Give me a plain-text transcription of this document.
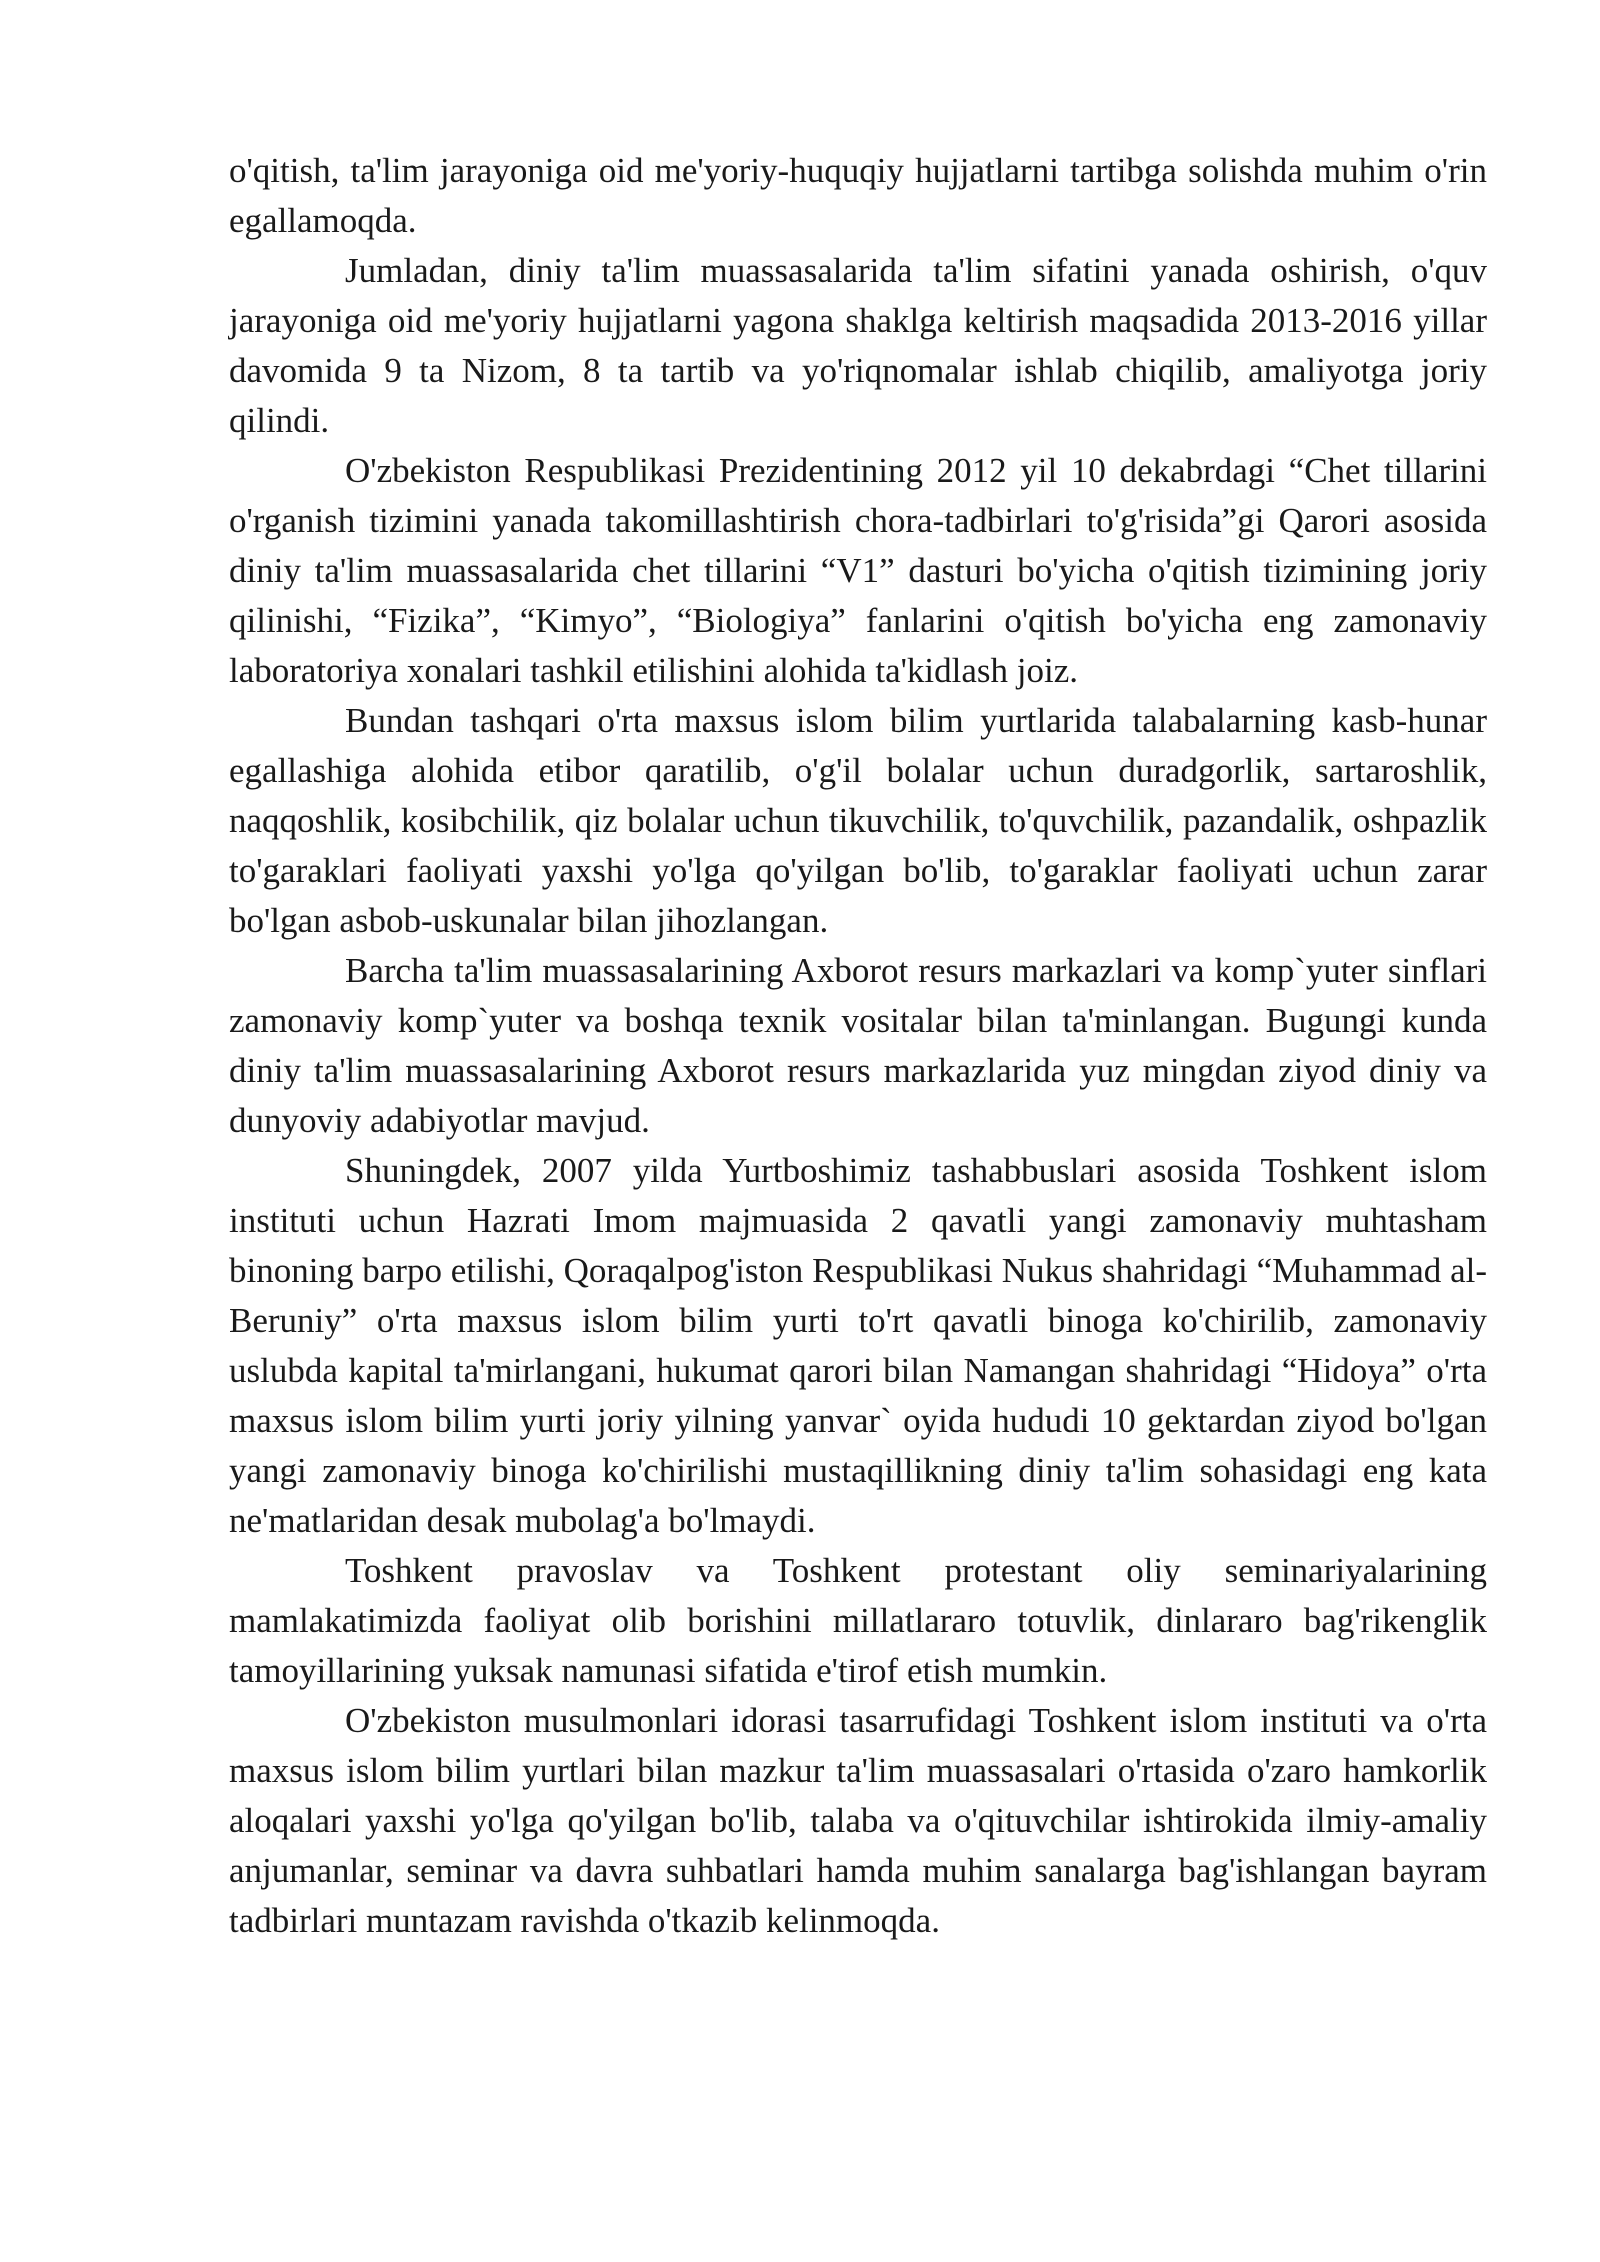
o'qitish, ta'lim jarayoniga oid me'yoriy-huquqiy hujjatlarni tartibga solishda muhim o'rin egallamoqda.

Jumladan, diniy ta'lim muassasalarida ta'lim sifatini yanada oshirish, o'quv jarayoniga oid me'yoriy hujjatlarni yagona shaklga keltirish maqsadida 2013-2016 yillar davomida 9 ta Nizom, 8 ta tartib va yo'riqnomalar ishlab chiqilib, amaliyotga joriy qilindi.

O'zbekiston Respublikasi Prezidentining 2012 yil 10 dekabrdagi “Chet tillarini o'rganish tizimini yanada takomillashtirish chora-tadbirlari to'g'risida”gi Qarori asosida diniy ta'lim muassasalarida chet tillarini “V1” dasturi bo'yicha o'qitish tizimining joriy qilinishi, “Fizika”, “Kimyo”, “Biologiya” fanlarini o'qitish bo'yicha eng zamonaviy laboratoriya xonalari tashkil etilishini alohida ta'kidlash joiz.

Bundan tashqari o'rta maxsus islom bilim yurtlarida talabalarning kasb-hunar egallashiga alohida etibor qaratilib, o'g'il bolalar uchun duradgorlik, sartaroshlik, naqqoshlik, kosibchilik, qiz bolalar uchun tikuvchilik, to'quvchilik, pazandalik, oshpazlik to'garaklari faoliyati yaxshi yo'lga qo'yilgan bo'lib, to'garaklar faoliyati uchun zarar bo'lgan asbob-uskunalar bilan jihozlangan.

Barcha ta'lim muassasalarining Axborot resurs markazlari va komp`yuter sinflari zamonaviy komp`yuter va boshqa texnik vositalar bilan ta'minlangan. Bugungi kunda diniy ta'lim muassasalarining Axborot resurs markazlarida yuz mingdan ziyod diniy va dunyoviy adabiyotlar mavjud.

Shuningdek, 2007 yilda Yurtboshimiz tashabbuslari asosida Toshkent islom instituti uchun Hazrati Imom majmuasida 2 qavatli yangi zamonaviy muhtasham binoning barpo etilishi, Qoraqalpog'iston Respublikasi Nukus shahridagi “Muhammad al-Beruniy” o'rta maxsus islom bilim yurti to'rt qavatli binoga ko'chirilib, zamonaviy uslubda kapital ta'mirlangani, hukumat qarori bilan Namangan shahridagi “Hidoya” o'rta maxsus islom bilim yurti joriy yilning yanvar` oyida hududi 10 gektardan ziyod bo'lgan yangi zamonaviy binoga ko'chirilishi mustaqillikning diniy ta'lim sohasidagi eng kata ne'matlaridan desak mubolag'a bo'lmaydi.

Toshkent pravoslav va Toshkent protestant oliy seminariyalarining mamlakatimizda faoliyat olib borishini millatlararo totuvlik, dinlararo bag'rikenglik tamoyillarining yuksak namunasi sifatida e'tirof etish mumkin.

O'zbekiston musulmonlari idorasi tasarrufidagi Toshkent islom instituti va o'rta maxsus islom bilim yurtlari bilan mazkur ta'lim muassasalari o'rtasida o'zaro hamkorlik aloqalari yaxshi yo'lga qo'yilgan bo'lib, talaba va o'qituvchilar ishtirokida ilmiy-amaliy anjumanlar, seminar va davra suhbatlari hamda muhim sanalarga bag'ishlangan bayram tadbirlari muntazam ravishda o'tkazib kelinmoqda.
